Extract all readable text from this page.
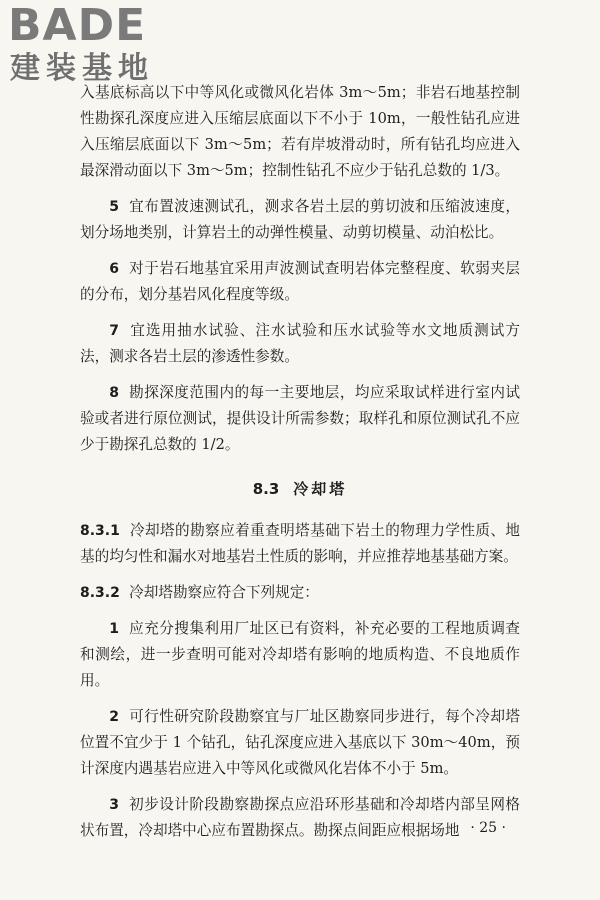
BADE
建装基地

入基底标高以下中等风化或微风化岩体 3m～5m；非岩石地基控制性勘探孔深度应进入压缩层底面以下不小于 10m，一般性钻孔应进入压缩层底面以下 3m～5m；若有岸坡滑动时，所有钻孔均应进入最深滑动面以下 3m～5m；控制性钻孔不应少于钻孔总数的 1/3。

5 宜布置波速测试孔，测求各岩土层的剪切波和压缩波速度，划分场地类别，计算岩土的动弹性模量、动剪切模量、动泊松比。

6 对于岩石地基宜采用声波测试查明岩体完整程度、软弱夹层的分布，划分基岩风化程度等级。

7 宜选用抽水试验、注水试验和压水试验等水文地质测试方法，测求各岩土层的渗透性参数。

8 勘探深度范围内的每一主要地层，均应采取试样进行室内试验或者进行原位测试，提供设计所需参数；取样孔和原位测试孔不应少于勘探孔总数的 1/2。

8.3 冷却塔

8.3.1 冷却塔的勘察应着重查明塔基础下岩土的物理力学性质、地基的均匀性和漏水对地基岩土性质的影响，并应推荐地基基础方案。

8.3.2 冷却塔勘察应符合下列规定：

1 应充分搜集利用厂址区已有资料，补充必要的工程地质调查和测绘，进一步查明可能对冷却塔有影响的地质构造、不良地质作用。

2 可行性研究阶段勘察宜与厂址区勘察同步进行，每个冷却塔位置不宜少于 1 个钻孔，钻孔深度应进入基底以下 30m～40m，预计深度内遇基岩应进入中等风化或微风化岩体不小于 5m。

3 初步设计阶段勘察勘探点应沿环形基础和冷却塔内部呈网格状布置，冷却塔中心应布置勘探点。勘探点间距应根据场地 · 25 ·
